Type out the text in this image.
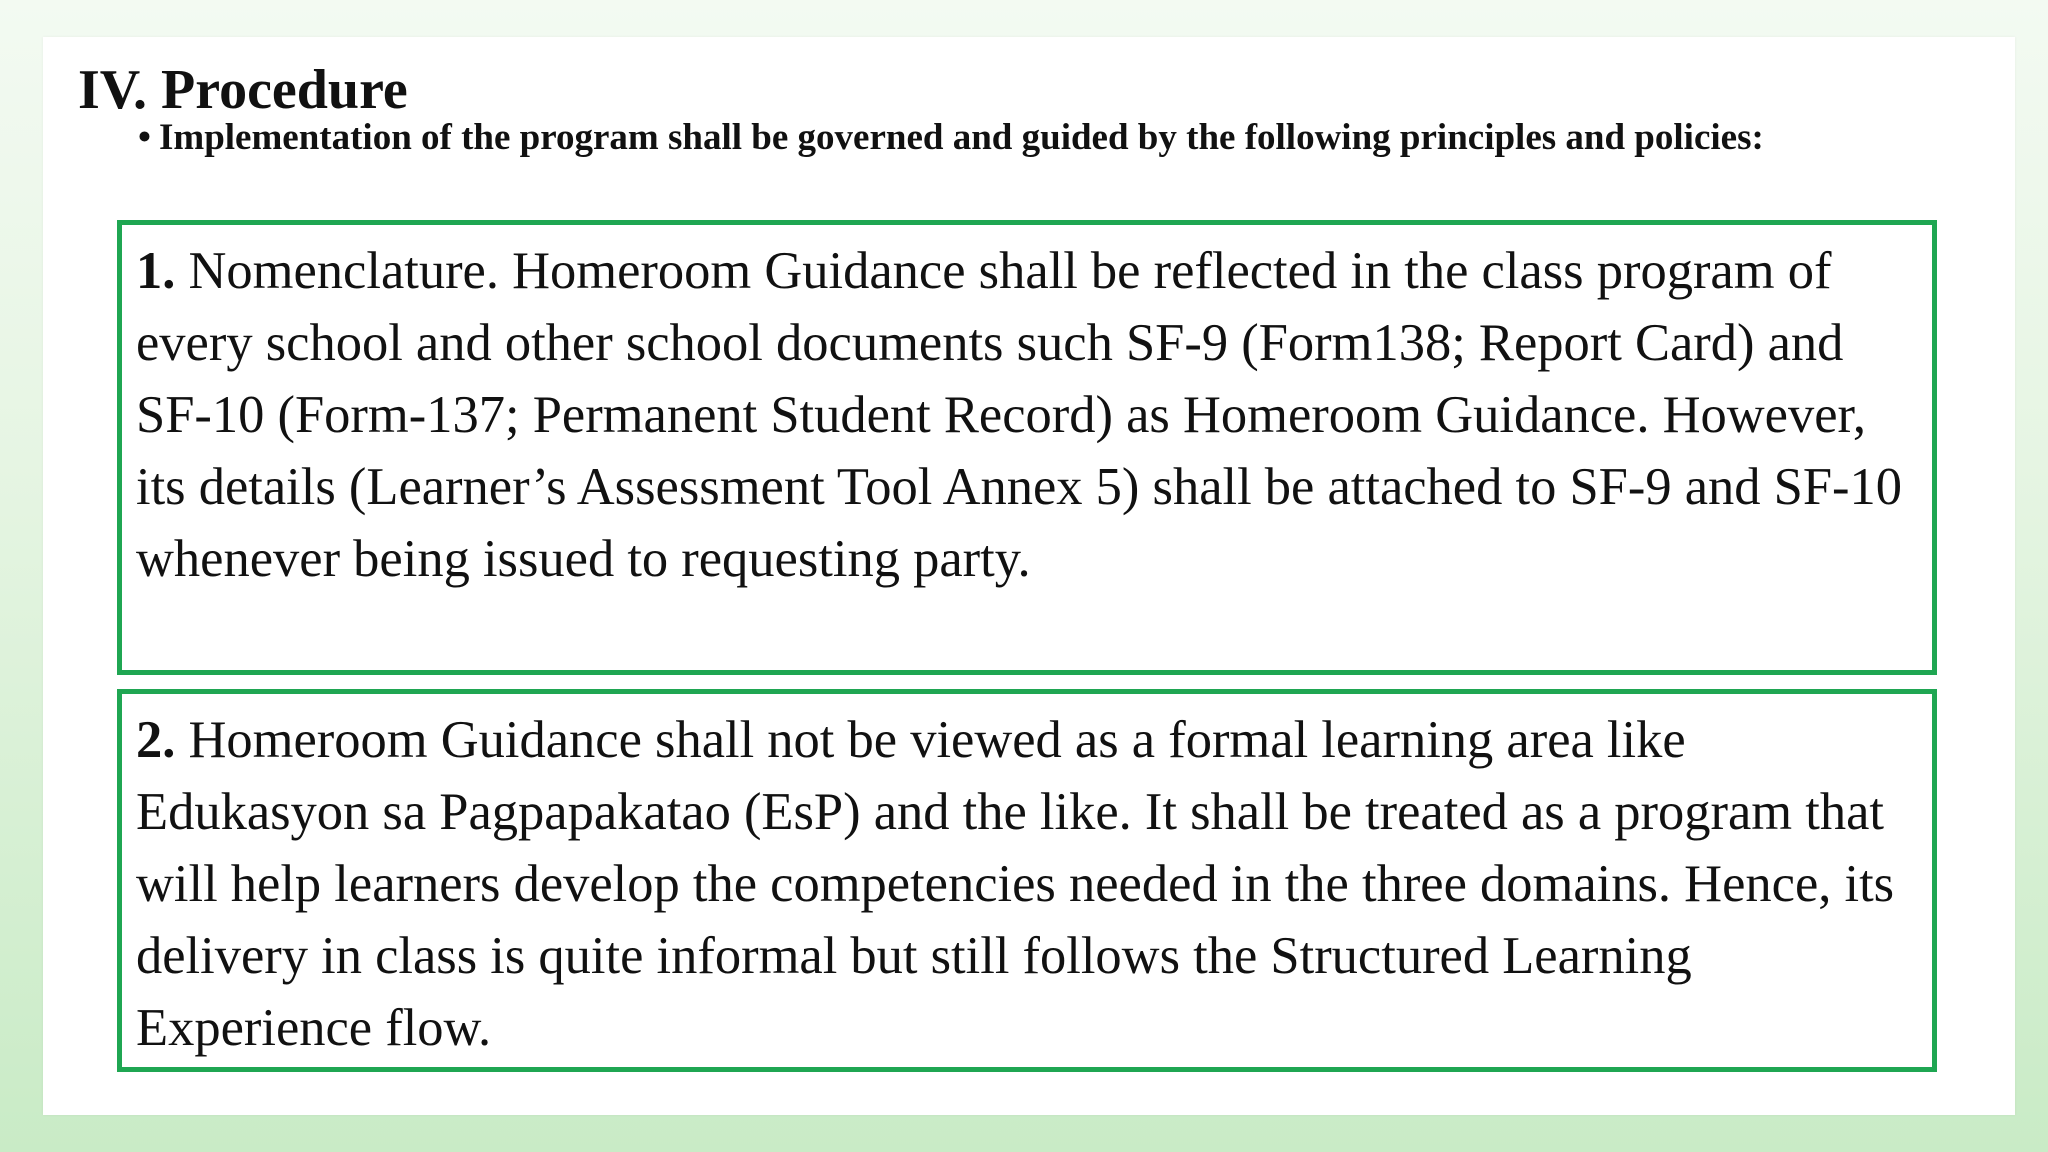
IV. Procedure

• Implementation of the program shall be governed and guided by the following principles and policies:

1. Nomenclature. Homeroom Guidance shall be reflected in the class program of every school and other school documents such SF-9 (Form138; Report Card) and SF-10 (Form-137; Permanent Student Record) as Homeroom Guidance. However, its details (Learner’s Assessment Tool Annex 5) shall be attached to SF-9 and SF-10 whenever being issued to requesting party.

2. Homeroom Guidance shall not be viewed as a formal learning area like Edukasyon sa Pagpapakatao (EsP) and the like. It shall be treated as a program that will help learners develop the competencies needed in the three domains. Hence, its delivery in class is quite informal but still follows the Structured Learning Experience flow.
